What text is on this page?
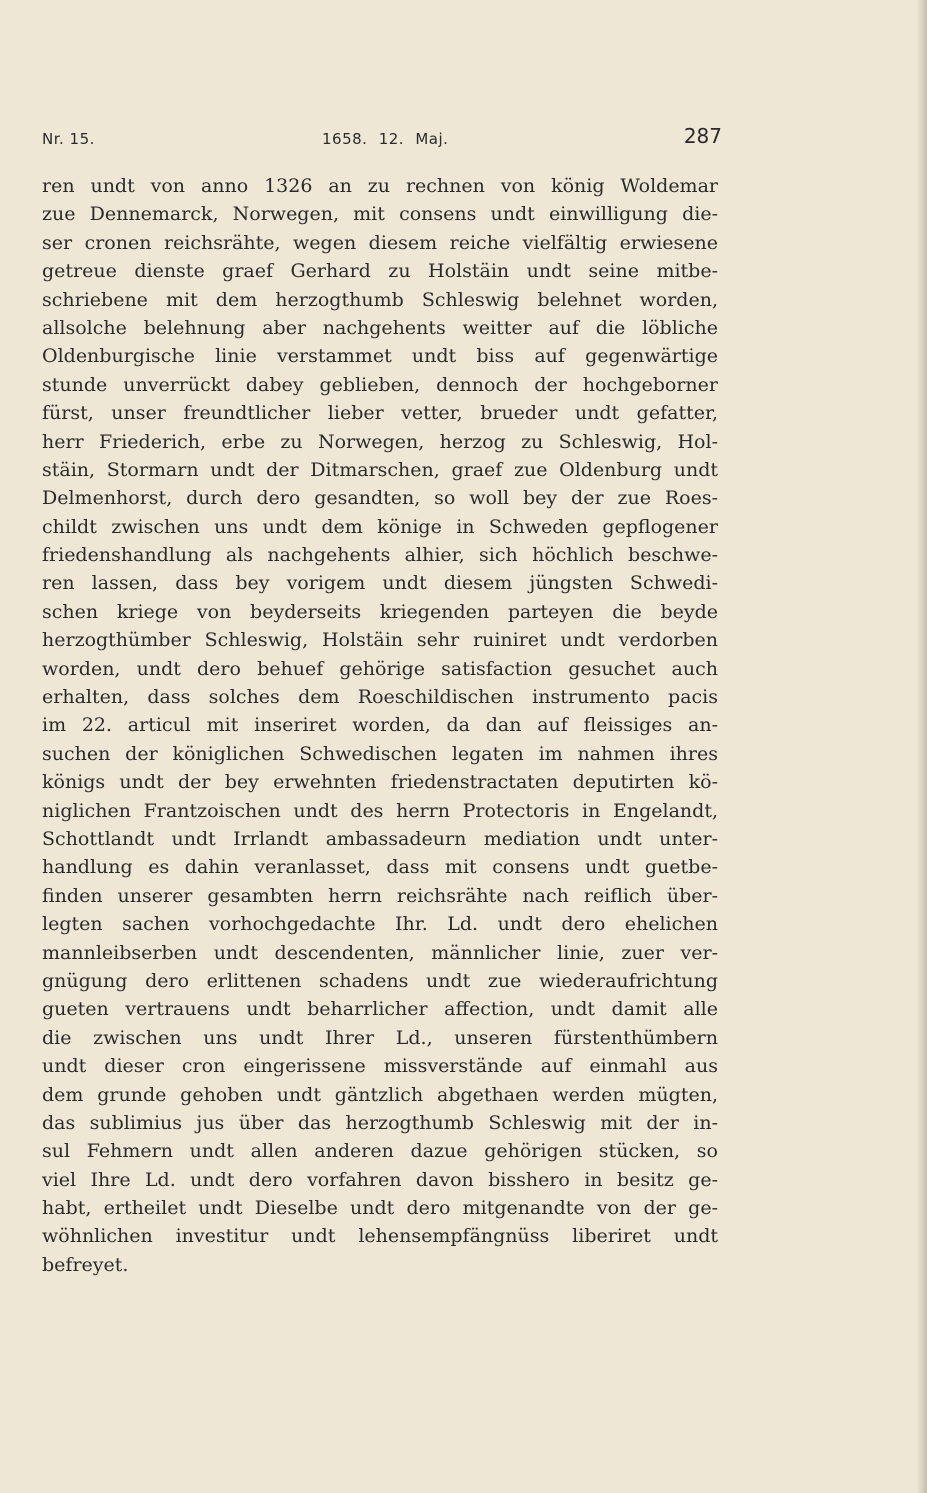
Nr. 15.	1658. 12. Maj.	287
ren undt von anno 1326 an zu rechnen von könig Woldemar
zue Dennemarck, Norwegen, mit consens undt einwilligung die-
ser cronen reichsrähte, wegen diesem reiche vielfältig erwiesene
getreue dienste graef Gerhard zu Holstäin undt seine mitbe-
schriebene mit dem herzogthumb Schleswig belehnet worden,
allsolche belehnung aber nachgehents weitter auf die löbliche
Oldenburgische linie verstammet undt biss auf gegenwärtige
stunde unverrückt dabey geblieben, dennoch der hochgeborner
fürst, unser freundtlicher lieber vetter, brueder undt gefatter,
herr Friederich, erbe zu Norwegen, herzog zu Schleswig, Hol-
stäin, Stormarn undt der Ditmarschen, graef zue Oldenburg undt
Delmenhorst, durch dero gesandten, so woll bey der zue Roes-
childt zwischen uns undt dem könige in Schweden gepflogener
friedenshandlung als nachgehents alhier, sich höchlich beschwe-
ren lassen, dass bey vorigem undt diesem jüngsten Schwedi-
schen kriege von beyderseits kriegenden parteyen die beyde
herzogthümber Schleswig, Holstäin sehr ruiniret undt verdorben
worden, undt dero behuef gehörige satisfaction gesuchet auch
erhalten, dass solches dem Roeschildischen instrumento pacis
im 22. articul mit inseriret worden, da dan auf fleissiges an-
suchen der königlichen Schwedischen legaten im nahmen ihres
königs undt der bey erwehnten friedenstractaten deputirten kö-
niglichen Frantzoischen undt des herrn Protectoris in Engelandt,
Schottlandt undt Irrlandt ambassadeurn mediation undt unter-
handlung es dahin veranlasset, dass mit consens undt guetbe-
finden unserer gesambten herrn reichsrähte nach reiflich über-
legten sachen vorhochgedachte Ihr. Ld. undt dero ehelichen
mannleibserben undt descendenten, männlicher linie, zuer ver-
gnügung dero erlittenen schadens undt zue wiederaufrichtung
gueten vertrauens undt beharrlicher affection, undt damit alle
die zwischen uns undt Ihrer Ld., unseren fürstenthümbern
undt dieser cron eingerissene missverstände auf einmahl aus
dem grunde gehoben undt gäntzlich abgethaen werden mügten,
das sublimius jus über das herzogthumb Schleswig mit der in-
sul Fehmern undt allen anderen dazue gehörigen stücken, so
viel Ihre Ld. undt dero vorfahren davon bisshero in besitz ge-
habt, ertheilet undt Dieselbe undt dero mitgenandte von der ge-
wöhnlichen investitur undt lehensempfängnüss liberiret undt
befreyet.
